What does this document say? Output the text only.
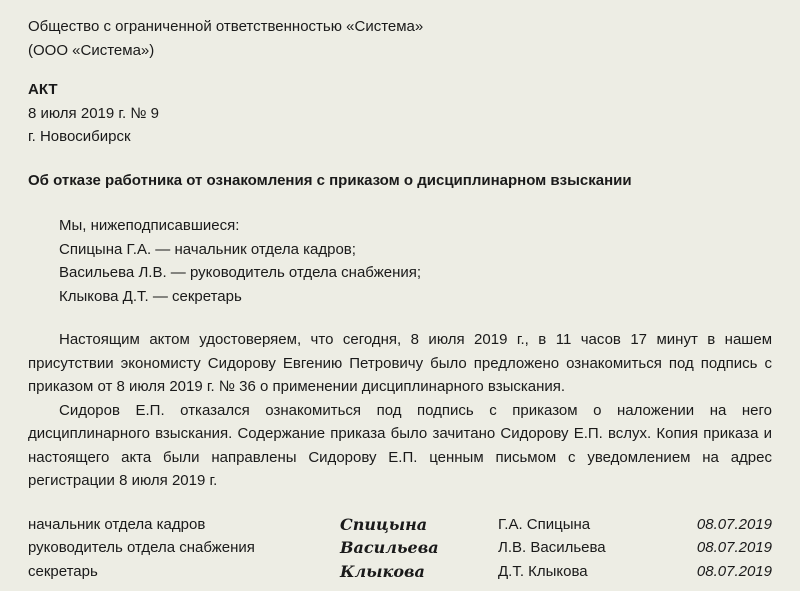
Общество с ограниченной ответственностью «Система»
(ООО «Система»)
АКТ
8 июля 2019 г. № 9
г. Новосибирск
Об отказе работника от ознакомления с приказом о дисциплинарном взыскании
Мы, нижеподписавшиеся:
Спицына Г.А. — начальник отдела кадров;
Васильева Л.В. — руководитель отдела снабжения;
Клыкова Д.Т. — секретарь

Настоящим актом удостоверяем, что сегодня, 8 июля 2019 г., в 11 часов 17 минут в нашем присутствии экономисту Сидорову Евгению Петровичу было предложено ознакомиться под подпись с приказом от 8 июля 2019 г. № 36 о применении дисциплинарного взыскания.

Сидоров Е.П. отказался ознакомиться под подпись с приказом о наложении на него дисциплинарного взыскания. Содержание приказа было зачитано Сидорову Е.П. вслух. Копия приказа и настоящего акта были направлены Сидорову Е.П. ценным письмом с уведомлением на адрес регистрации 8 июля 2019 г.

начальник отдела кадров	Спицына	Г.А. Спицына	08.07.2019
руководитель отдела снабжения	Васильева	Л.В. Васильева	08.07.2019
секретарь	Клыкова	Д.Т. Клыкова	08.07.2019
